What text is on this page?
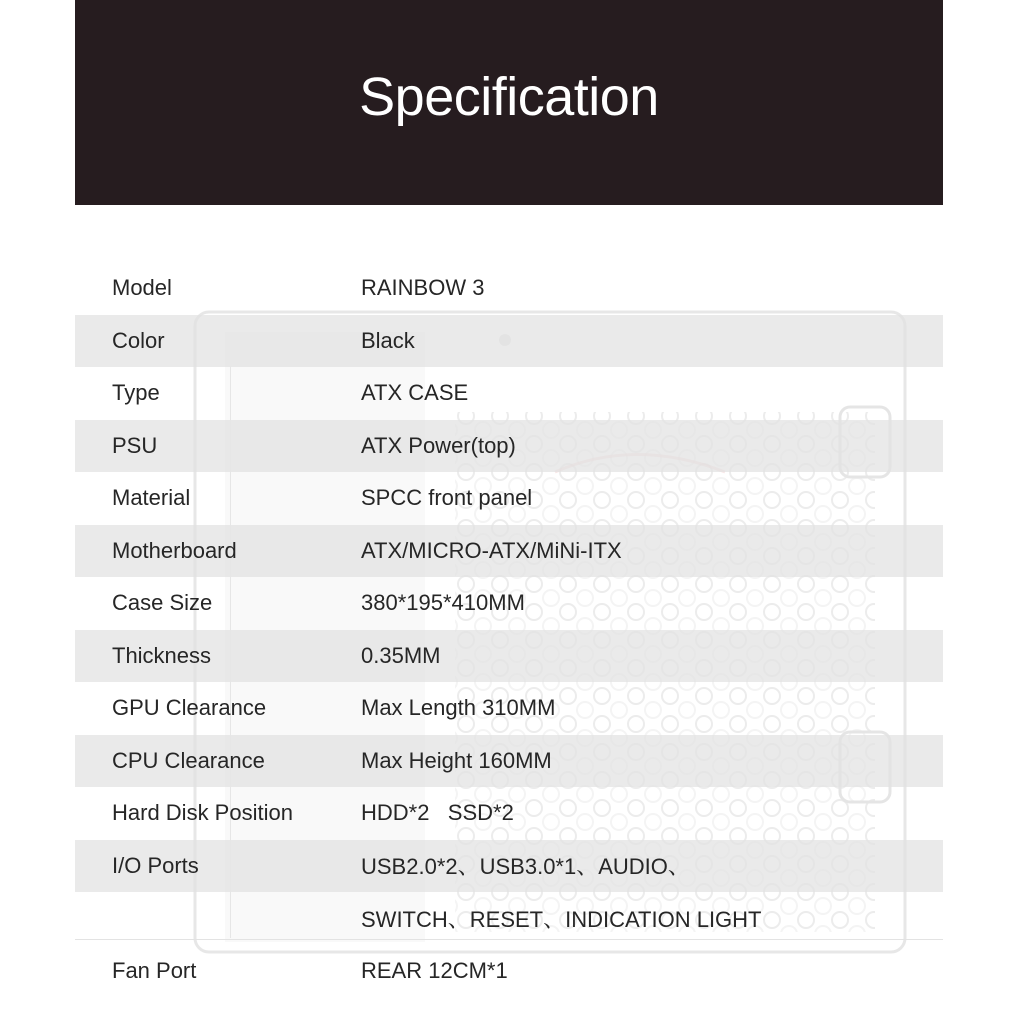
Specification
Model	RAINBOW 3
Color	Black
Type	ATX CASE
PSU	ATX Power(top)
Material	SPCC front panel
Motherboard	ATX/MICRO-ATX/MiNi-ITX
Case Size	380*195*410MM
Thickness	0.35MM
GPU Clearance	Max Length 310MM
CPU Clearance	Max Height 160MM
Hard Disk Position	HDD*2   SSD*2
I/O Ports	USB2.0*2、USB3.0*1、AUDIO、
SWITCH、RESET、INDICATION LIGHT
Fan Port	REAR 12CM*1
